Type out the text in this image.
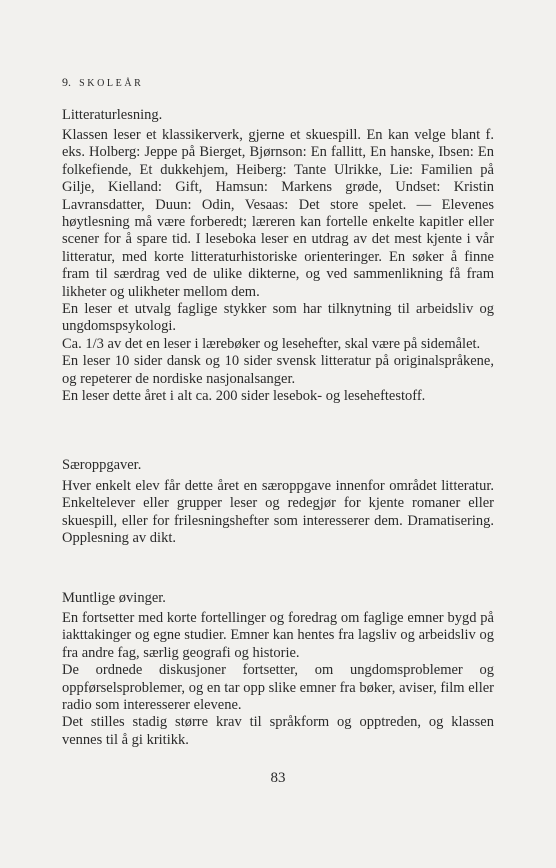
9. SKOLEÅR
Litteraturlesning.

Klassen leser et klassikerverk, gjerne et skuespill. En kan velge blant f. eks. Holberg: Jeppe på Bierget, Bjørnson: En fallitt, En hanske, Ibsen: En folkefiende, Et dukkehjem, Heiberg: Tante Ulrikke, Lie: Familien på Gilje, Kielland: Gift, Hamsun: Markens grøde, Undset: Kristin Lavransdatter, Duun: Odin, Vesaas: Det store spelet. — Elevenes høytlesning må være forberedt; læreren kan fortelle enkelte kapitler eller scener for å spare tid. I leseboka leser en utdrag av det mest kjente i vår litteratur, med korte litteraturhistoriske orienteringer. En søker å finne fram til særdrag ved de ulike dikterne, og ved sammenlikning få fram likheter og ulikheter mellom dem.

En leser et utvalg faglige stykker som har tilknytning til arbeidsliv og ungdomspsykologi.

Ca. 1/3 av det en leser i lærebøker og lesehefter, skal være på sidemålet.

En leser 10 sider dansk og 10 sider svensk litteratur på originalspråkene, og repeterer de nordiske nasjonalsanger.

En leser dette året i alt ca. 200 sider lesebok- og leseheftestoff.

Særoppgaver.

Hver enkelt elev får dette året en særoppgave innenfor området litteratur. Enkeltelever eller grupper leser og redegjør for kjente romaner eller skuespill, eller for frilesningshefter som interesserer dem. Dramatisering. Opplesning av dikt.

Muntlige øvinger.

En fortsetter med korte fortellinger og foredrag om faglige emner bygd på iakttakinger og egne studier. Emner kan hentes fra lagsliv og arbeidsliv og fra andre fag, særlig geografi og historie.

De ordnede diskusjoner fortsetter, om ungdomsproblemer og oppførselsproblemer, og en tar opp slike emner fra bøker, aviser, film eller radio som interesserer elevene.

Det stilles stadig større krav til språkform og opptreden, og klassen vennes til å gi kritikk.

83
